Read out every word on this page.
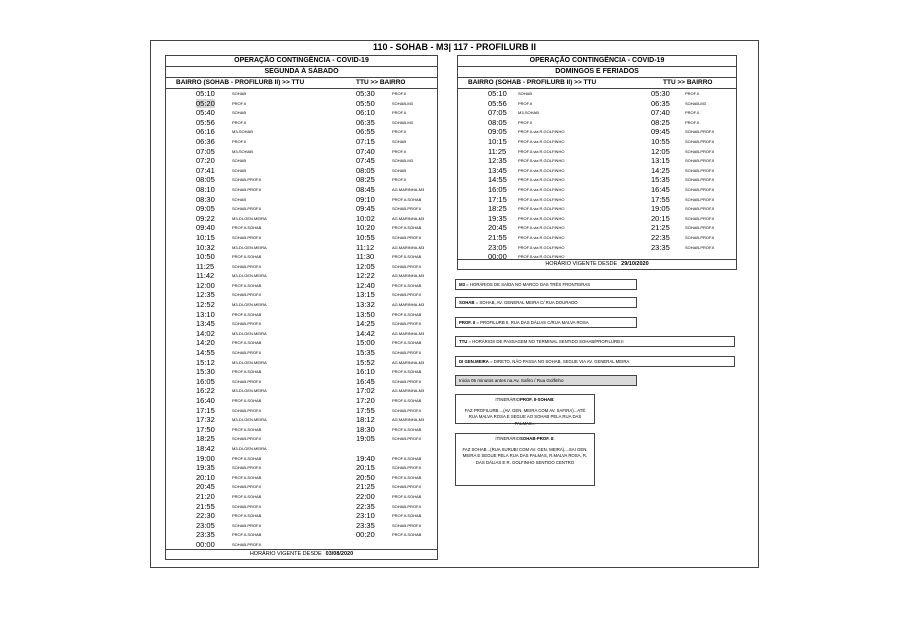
110 - SOHAB - M3| 117 - PROFILURB II
OPERAÇÃO CONTINGÊNCIA - COVID-19
SEGUNDA À SÁBADO
BAIRRO (SOHAB - PROFILURB II) >> TTU	TTU >> BAIRRO
05:10	SOHAB	05:30	PROF.II
05:20	PROF.II	05:50	SOHAB-M3
05:40	SOHAB	06:10	PROF.II
05:56	PROF.II	06:35	SOHAB-M3
06:16	M3-SOHAB	06:55	PROF.II
06:36	PROF.II	07:15	SOHAB
07:05	M3-SOHAB	07:40	PROF.II
07:20	SOHAB	07:45	SOHAB-M3
07:41	SOHAB	08:05	SOHAB
08:05	SOHAB-PROF.II	08:25	PROF.II
08:10	SOHAB-PROF.II	08:45	AG.MARINHA-M3
08:30	SOHAB	09:10	PROF.II-SOHAB
09:05	SOHAB-PROF.II	09:45	SOHAB-PROF.II
09:22	M3-DI-GEN.MEIRA	10:02	AG.MARINHA-M3
09:40	PROF.II-SOHAB	10:20	PROF.II-SOHAB
10:15	SOHAB-PROF.II	10:55	SOHAB-PROF.II
10:32	M3-DI-GEN.MEIRA	11:12	AG.MARINHA-M3
10:50	PROF.II-SOHAB	11:30	PROF.II-SOHAB
11:25	SOHAB-PROF.II	12:05	SOHAB-PROF.II
11:42	M3-DI-GEN.MEIRA	12:22	AG.MARINHA-M3
12:00	PROF.II-SOHAB	12:40	PROF.II-SOHAB
12:35	SOHAB-PROF.II	13:15	SOHAB-PROF.II
12:52	M3-DI-GEN.MEIRA	13:32	AG.MARINHA-M3
13:10	PROF.II-SOHAB	13:50	PROF.II-SOHAB
13:45	SOHAB-PROF.II	14:25	SOHAB-PROF.II
14:02	M3-DI-GEN.MEIRA	14:42	AG.MARINHA-M3
14:20	PROF.II-SOHAB	15:00	PROF.II-SOHAB
14:55	SOHAB-PROF.II	15:35	SOHAB-PROF.II
15:12	M3-DI-GEN.MEIRA	15:52	AG.MARINHA-M3
15:30	PROF.II-SOHAB	16:10	PROF.II-SOHAB
16:05	SOHAB-PROF.II	16:45	SOHAB-PROF.II
16:22	M3-DI-GEN.MEIRA	17:02	AG.MARINHA-M3
16:40	PROF.II-SOHAB	17:20	PROF.II-SOHAB
17:15	SOHAB-PROF.II	17:55	SOHAB-PROF.II
17:32	M3-DI-GEN.MEIRA	18:12	AG.MARINHA-M3
17:50	PROF.II-SOHAB	18:30	PROF.II-SOHAB
18:25	SOHAB-PROF.II	19:05	SOHAB-PROF.II
18:42	M3-DI-GEN.MEIRA
19:00	PROF.II-SOHAB	19:40	PROF.II-SOHAB
19:35	SOHAB-PROF.II	20:15	SOHAB-PROF.II
20:10	PROF.II-SOHAB	20:50	PROF.II-SOHAB
20:45	SOHAB-PROF.II	21:25	SOHAB-PROF.II
21:20	PROF.II-SOHAB	22:00	PROF.II-SOHAB
21:55	SOHAB-PROF.II	22:35	SOHAB-PROF.II
22:30	PROF.II-SOHAB	23:10	PROF.II-SOHAB
23:05	SOHAB-PROF.II	23:35	SOHAB-PROF.II
23:35	PROF.II-SOHAB	00:20	PROF.II-SOHAB
00:00	SOHAB-PROF.II
HORÁRIO VIGENTE DESDE 03/08/2020
OPERAÇÃO CONTINGÊNCIA - COVID-19
DOMINGOS E FERIADOS
BAIRRO (SOHAB - PROFILURB II) >> TTU	TTU >> BAIRRO
05:10	SOHAB	05:30	PROF.II
05:56	PROF.II	06:35	SOHAB-M3
07:05	M3-SOHAB	07:40	PROF.II
08:05	PROF.II	08:25	PROF.II
09:05	PROF.II-via R.GOLFINHO	09:45	SOHAB-PROF.II
10:15	PROF.II-via R.GOLFINHO	10:55	SOHAB-PROF.II
11:25	PROF.II-via R.GOLFINHO	12:05	SOHAB-PROF.II
12:35	PROF.II-via R.GOLFINHO	13:15	SOHAB-PROF.II
13:45	PROF.II-via R.GOLFINHO	14:25	SOHAB-PROF.II
14:55	PROF.II-via R.GOLFINHO	15:35	SOHAB-PROF.II
16:05	PROF.II-via R.GOLFINHO	16:45	SOHAB-PROF.II
17:15	PROF.II-via R.GOLFINHO	17:55	SOHAB-PROF.II
18:25	PROF.II-via R.GOLFINHO	19:05	SOHAB-PROF.II
19:35	PROF.II-via R.GOLFINHO	20:15	SOHAB-PROF.II
20:45	PROF.II-via R.GOLFINHO	21:25	SOHAB-PROF.II
21:55	PROF.II-via R.GOLFINHO	22:35	SOHAB-PROF.II
23:05	PROF.II-via R.GOLFINHO	23:35	SOHAB-PROF.II
00:00	PROF.II-via R.GOLFINHO
HORÁRIO VIGENTE DESDE 29/10/2020
M3 = HORÁRIOS DE SAÍDA NO MARCO DAS TRÊS FRONTEIRAS
SOHAB = SOHAB, AV. GENERAL MEIRA C/ RUA DOURADO
PROF. II = PROFILURB II, RUA DAS DÁLIAS C/RUA MALVA ROSA
TTU = HORÁRIOS DE PASSAGEM NO TERMINAL SENTIDO SOHAB/PROFILURB II
DI GEN.MEIRA = DIRETO, NÃO PASSA NO SOHAB, SEGUE VIA AV. GENERAL MEIRA
Inicia 05 minutos antes na Av. Safiro / Rua Golfinho
ITINERÁRIOPROF. II-SOHAB:
FAZ PROFILURB....(AV. GEN. MEIRA COM AV. SAFIRA)...ATÉ RUA MALVA ROSA E SEGUE AO SOHAB PELA RUA DAS PALMAS...
ITINERÁRIOSOHAB-PROF. II:
FAZ SOHAB...(RUA SURUBI COM AV. GEN. MEIRA)....SAI GEN. MEIRA E SEGUE PELA RUA DAS PALMAS, R.MALVA ROSA, R. DAS DÁLIAS E R. GOLFINHO SENTIDO CENTRO
